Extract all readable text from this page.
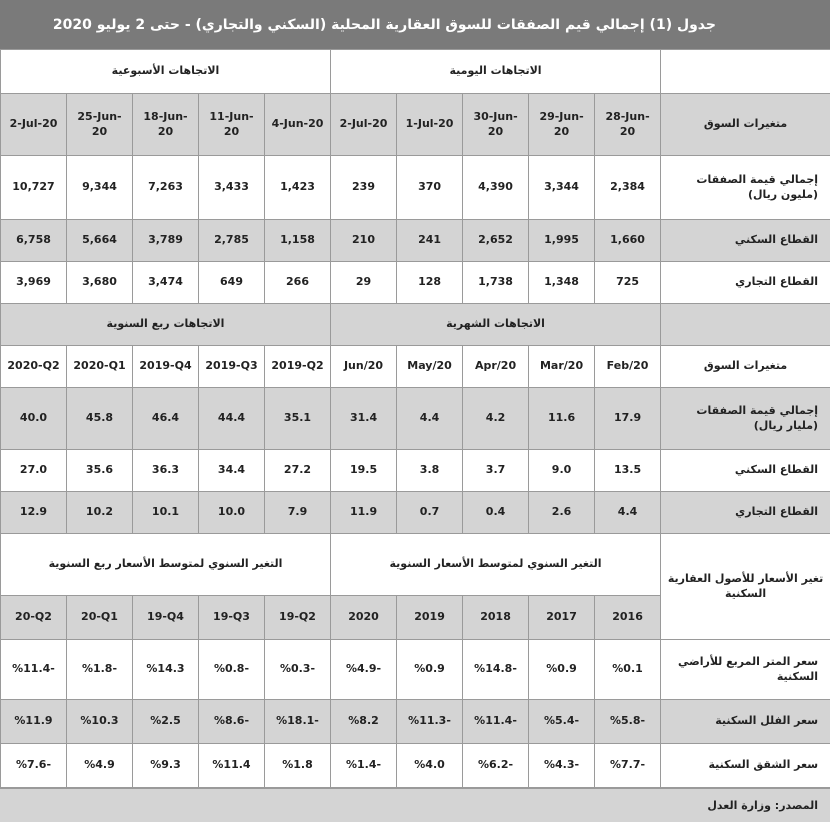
جدول (1) إجمالي قيم الصفقات للسوق العقارية المحلية (السكني والتجاري) - حتى 2 يوليو 2020
	الاتجاهات اليومية					الاتجاهات الأسبوعية				
متغيرات السوق	28-Jun-20	29-Jun-20	30-Jun-20	1-Jul-20	2-Jul-20	4-Jun-20	11-Jun-20	18-Jun-20	25-Jun-20	2-Jul-20
إجمالي قيمة الصفقات (مليون ريال)	2,384	3,344	4,390	370	239	1,423	3,433	7,263	9,344	10,727
القطاع السكني	1,660	1,995	2,652	241	210	1,158	2,785	3,789	5,664	6,758
القطاع التجاري	725	1,348	1,738	128	29	266	649	3,474	3,680	3,969
	الاتجاهات الشهرية					الاتجاهات ربع السنوية				
متغيرات السوق	Feb/20	Mar/20	Apr/20	May/20	Jun/20	2019-Q2	2019-Q3	2019-Q4	2020-Q1	2020-Q2
إجمالي قيمة الصفقات (مليار ريال)	17.9	11.6	4.2	4.4	31.4	35.1	44.4	46.4	45.8	40.0
القطاع السكني	13.5	9.0	3.7	3.8	19.5	27.2	34.4	36.3	35.6	27.0
القطاع التجاري	4.4	2.6	0.4	0.7	11.9	7.9	10.0	10.1	10.2	12.9
تغير الأسعار للأصول العقارية السكنية	التغير السنوي لمتوسط الأسعار السنوية					التغير السنوي لمتوسط الأسعار ربع السنوية				
	2016	2017	2018	2019	2020	19-Q2	19-Q3	19-Q4	20-Q1	20-Q2
سعر المتر المربع للأراضي السكنية	%0.1	%0.9	%14.8-	%0.9	%4.9-	%0.3-	%0.8-	%14.3	%1.8-	%11.4-
سعر الفلل السكنية	%5.8-	%5.4-	%11.4-	%11.3-	%8.2	%18.1-	%8.6-	%2.5	%10.3	%11.9
سعر الشقق السكنية	%7.7-	%4.3-	%6.2-	%4.0	%1.4-	%1.8	%11.4	%9.3	%4.9	%7.6-
المصدر: وزارة العدل
